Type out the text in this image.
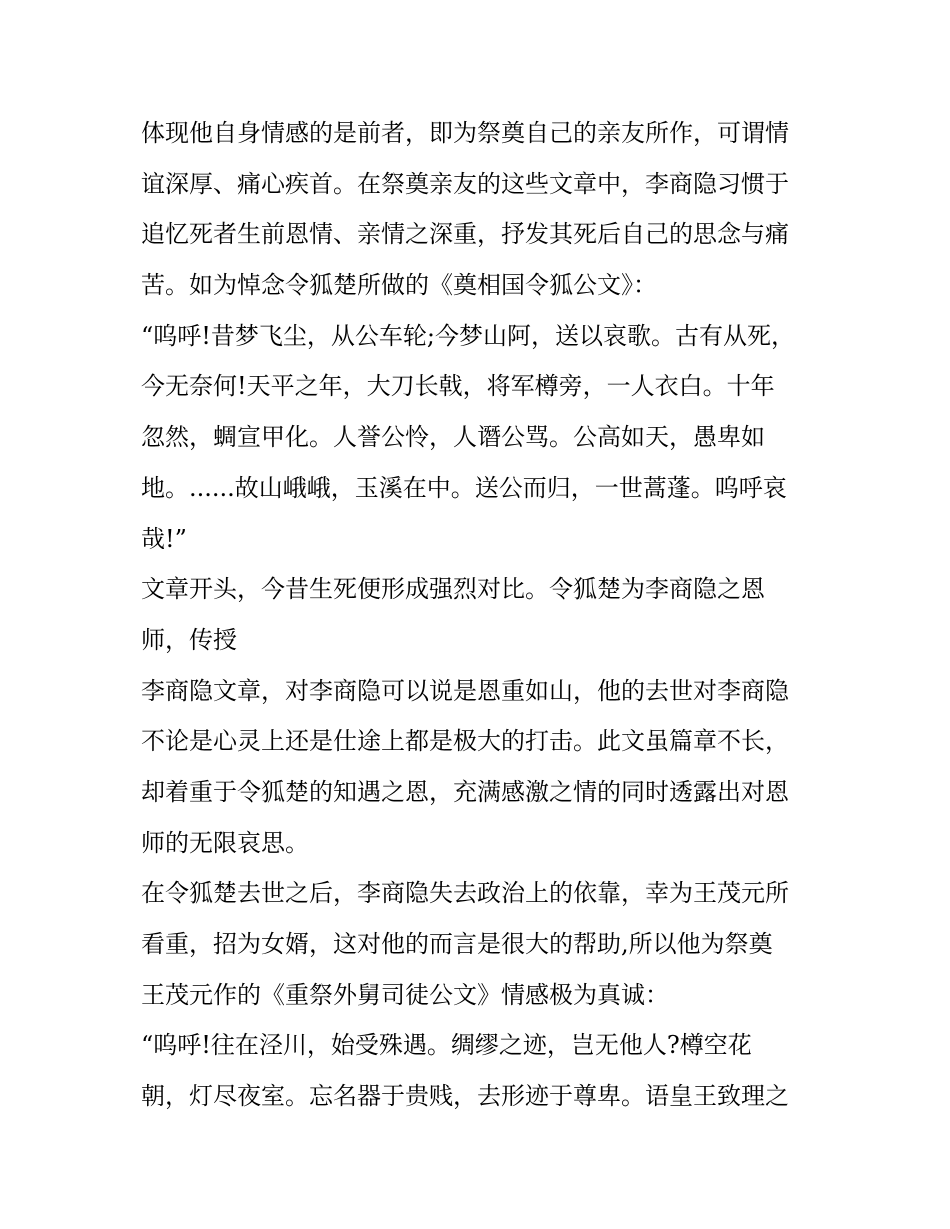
体现他自身情感的是前者，即为祭奠自己的亲友所作，可谓情
谊深厚、痛心疾首。在祭奠亲友的这些文章中，李商隐习惯于
追忆死者生前恩情、亲情之深重，抒发其死后自己的思念与痛
苦。如为悼念令狐楚所做的《奠相国令狐公文》：
“呜呼!昔梦飞尘，从公车轮;今梦山阿，送以哀歌。古有从死，
今无奈何!天平之年，大刀长戟，将军樽旁，一人衣白。十年
忽然，蜩宣甲化。人誉公怜，人谮公骂。公高如天，愚卑如
地。......故山峨峨，玉溪在中。送公而归，一世蒿蓬。呜呼哀
哉!”
文章开头，今昔生死便形成强烈对比。令狐楚为李商隐之恩
师，传授
李商隐文章，对李商隐可以说是恩重如山，他的去世对李商隐
不论是心灵上还是仕途上都是极大的打击。此文虽篇章不长，
却着重于令狐楚的知遇之恩，充满感激之情的同时透露出对恩
师的无限哀思。
在令狐楚去世之后，李商隐失去政治上的依靠，幸为王茂元所
看重，招为女婿，这对他的而言是很大的帮助,所以他为祭奠
王茂元作的《重祭外舅司徒公文》情感极为真诚：
“呜呼!往在泾川，始受殊遇。绸缪之迹，岂无他人?樽空花
朝，灯尽夜室。忘名器于贵贱，去形迹于尊卑。语皇王致理之
